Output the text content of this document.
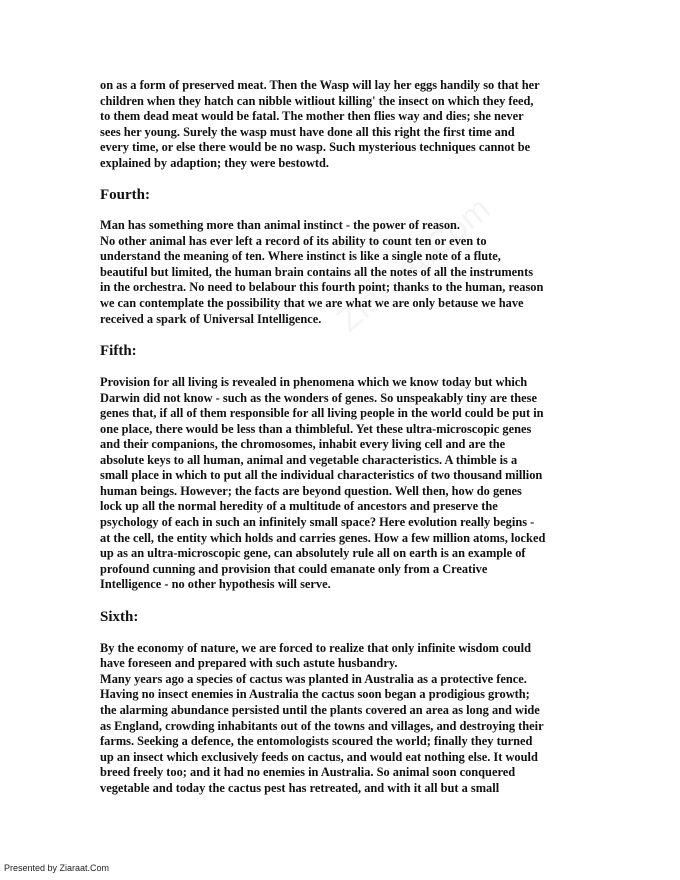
on as a form of preserved meat. Then the Wasp will lay her eggs handily so that her
children when they hatch can nibble witliout killing' the insect on which they feed,
to them dead meat would be fatal. The mother then flies way and dies; she never
sees her young. Surely the wasp must have done all this right the first time and
every time, or else there would be no wasp. Such mysterious techniques cannot be
explained by adaption; they were bestowtd.

Fourth:

Man has something more than animal instinct - the power of reason.
No other animal has ever left a record of its ability to count ten or even to
understand the meaning of ten. Where instinct is like a single note of a flute,
beautiful but limited, the human brain contains all the notes of all the instruments
in the orchestra. No need to belabour this fourth point; thanks to the human, reason
we can contemplate the possibility that we are what we are only betause we have
received a spark of Universal Intelligence.

Fifth:

Provision for all living is revealed in phenomena which we know today but which
Darwin did not know - such as the wonders of genes. So unspeakably tiny are these
genes that, if all of them responsible for all living people in the world could be put in
one place, there would be less than a thimbleful. Yet these ultra-microscopic genes
and their companions, the chromosomes, inhabit every living cell and are the
absolute keys to all human, animal and vegetable characteristics. A thimble is a
small place in which to put all the individual characteristics of two thousand million
human beings. However; the facts are beyond question. Well then, how do genes
lock up all the normal heredity of a multitude of ancestors and preserve the
psychology of each in such an infinitely small space? Here evolution really begins -
at the cell, the entity which holds and carries genes. How a few million atoms, locked
up as an ultra-microscopic gene, can absolutely rule all on earth is an example of
profound cunning and provision that could emanate only from a Creative
Intelligence - no other hypothesis will serve.

Sixth:

By the economy of nature, we are forced to realize that only infinite wisdom could
have foreseen and prepared with such astute husbandry.
Many years ago a species of cactus was planted in Australia as a protective fence.
Having no insect enemies in Australia the cactus soon began a prodigious growth;
the alarming abundance persisted until the plants covered an area as long and wide
as England, crowding inhabitants out of the towns and villages, and destroying their
farms. Seeking a defence, the entomologists scoured the world; finally they turned
up an insect which exclusively feeds on cactus, and would eat nothing else. It would
breed freely too; and it had no enemies in Australia. So animal soon conquered
vegetable and today the cactus pest has retreated, and with it all but a small

Presented by Ziaraat.Com
